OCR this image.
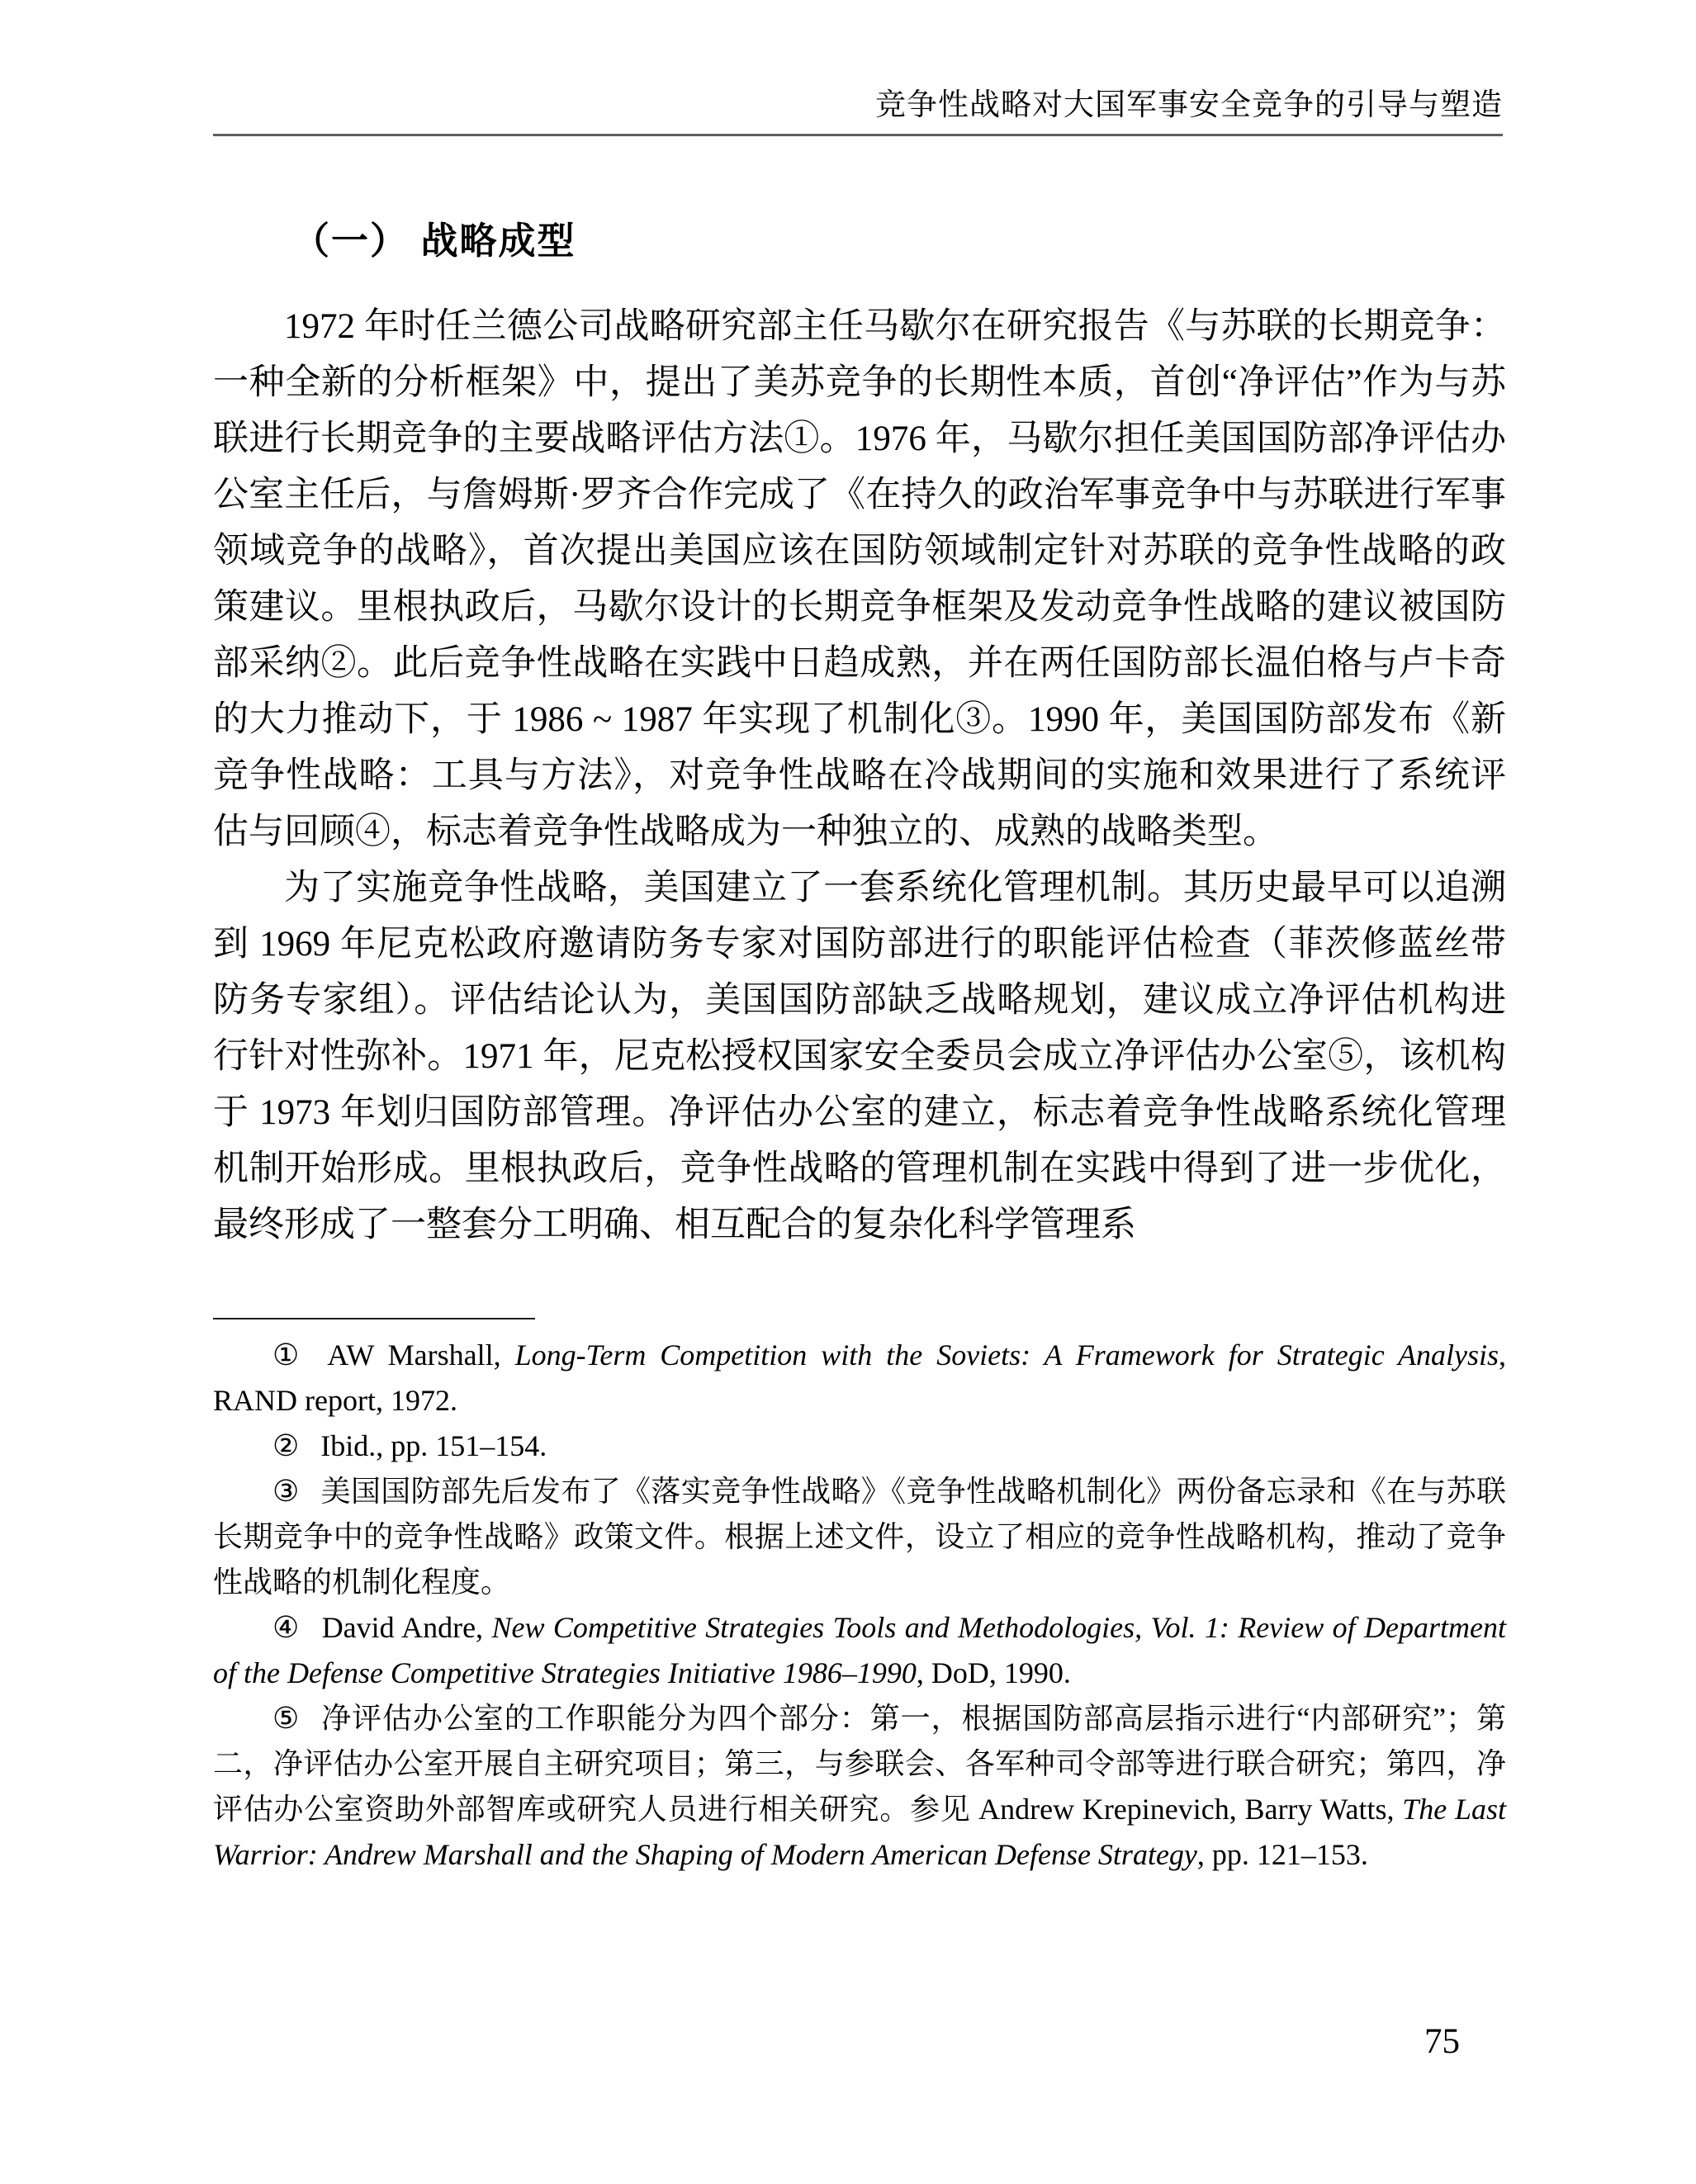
竞争性战略对大国军事安全竞争的引导与塑造
（一） 战略成型

1972 年时任兰德公司战略研究部主任马歇尔在研究报告《与苏联的长期竞争：一种全新的分析框架》中，提出了美苏竞争的长期性本质，首创“净评估”作为与苏联进行长期竞争的主要战略评估方法①。1976 年，马歇尔担任美国国防部净评估办公室主任后，与詹姆斯·罗齐合作完成了《在持久的政治军事竞争中与苏联进行军事领域竞争的战略》，首次提出美国应该在国防领域制定针对苏联的竞争性战略的政策建议。里根执政后，马歇尔设计的长期竞争框架及发动竞争性战略的建议被国防部采纳②。此后竞争性战略在实践中日趋成熟，并在两任国防部长温伯格与卢卡奇的大力推动下，于 1986 ~ 1987 年实现了机制化③。1990 年，美国国防部发布《新竞争性战略：工具与方法》，对竞争性战略在冷战期间的实施和效果进行了系统评估与回顾④，标志着竞争性战略成为一种独立的、成熟的战略类型。

为了实施竞争性战略，美国建立了一套系统化管理机制。其历史最早可以追溯到 1969 年尼克松政府邀请防务专家对国防部进行的职能评估检查（菲茨修蓝丝带防务专家组）。评估结论认为，美国国防部缺乏战略规划，建议成立净评估机构进行针对性弥补。1971 年，尼克松授权国家安全委员会成立净评估办公室⑤，该机构于 1973 年划归国防部管理。净评估办公室的建立，标志着竞争性战略系统化管理机制开始形成。里根执政后，竞争性战略的管理机制在实践中得到了进一步优化，最终形成了一整套分工明确、相互配合的复杂化科学管理系

① AW Marshall, Long-Term Competition with the Soviets: A Framework for Strategic Analysis, RAND report, 1972.

② Ibid., pp. 151–154.

③ 美国国防部先后发布了《落实竞争性战略》《竞争性战略机制化》两份备忘录和《在与苏联长期竞争中的竞争性战略》政策文件。根据上述文件，设立了相应的竞争性战略机构，推动了竞争性战略的机制化程度。

④ David Andre, New Competitive Strategies Tools and Methodologies, Vol. 1: Review of Department of the Defense Competitive Strategies Initiative 1986–1990, DoD, 1990.

⑤ 净评估办公室的工作职能分为四个部分：第一，根据国防部高层指示进行“内部研究”；第二，净评估办公室开展自主研究项目；第三，与参联会、各军种司令部等进行联合研究；第四，净评估办公室资助外部智库或研究人员进行相关研究。参见 Andrew Krepinevich, Barry Watts, The Last Warrior: Andrew Marshall and the Shaping of Modern American Defense Strategy, pp. 121–153.

75
